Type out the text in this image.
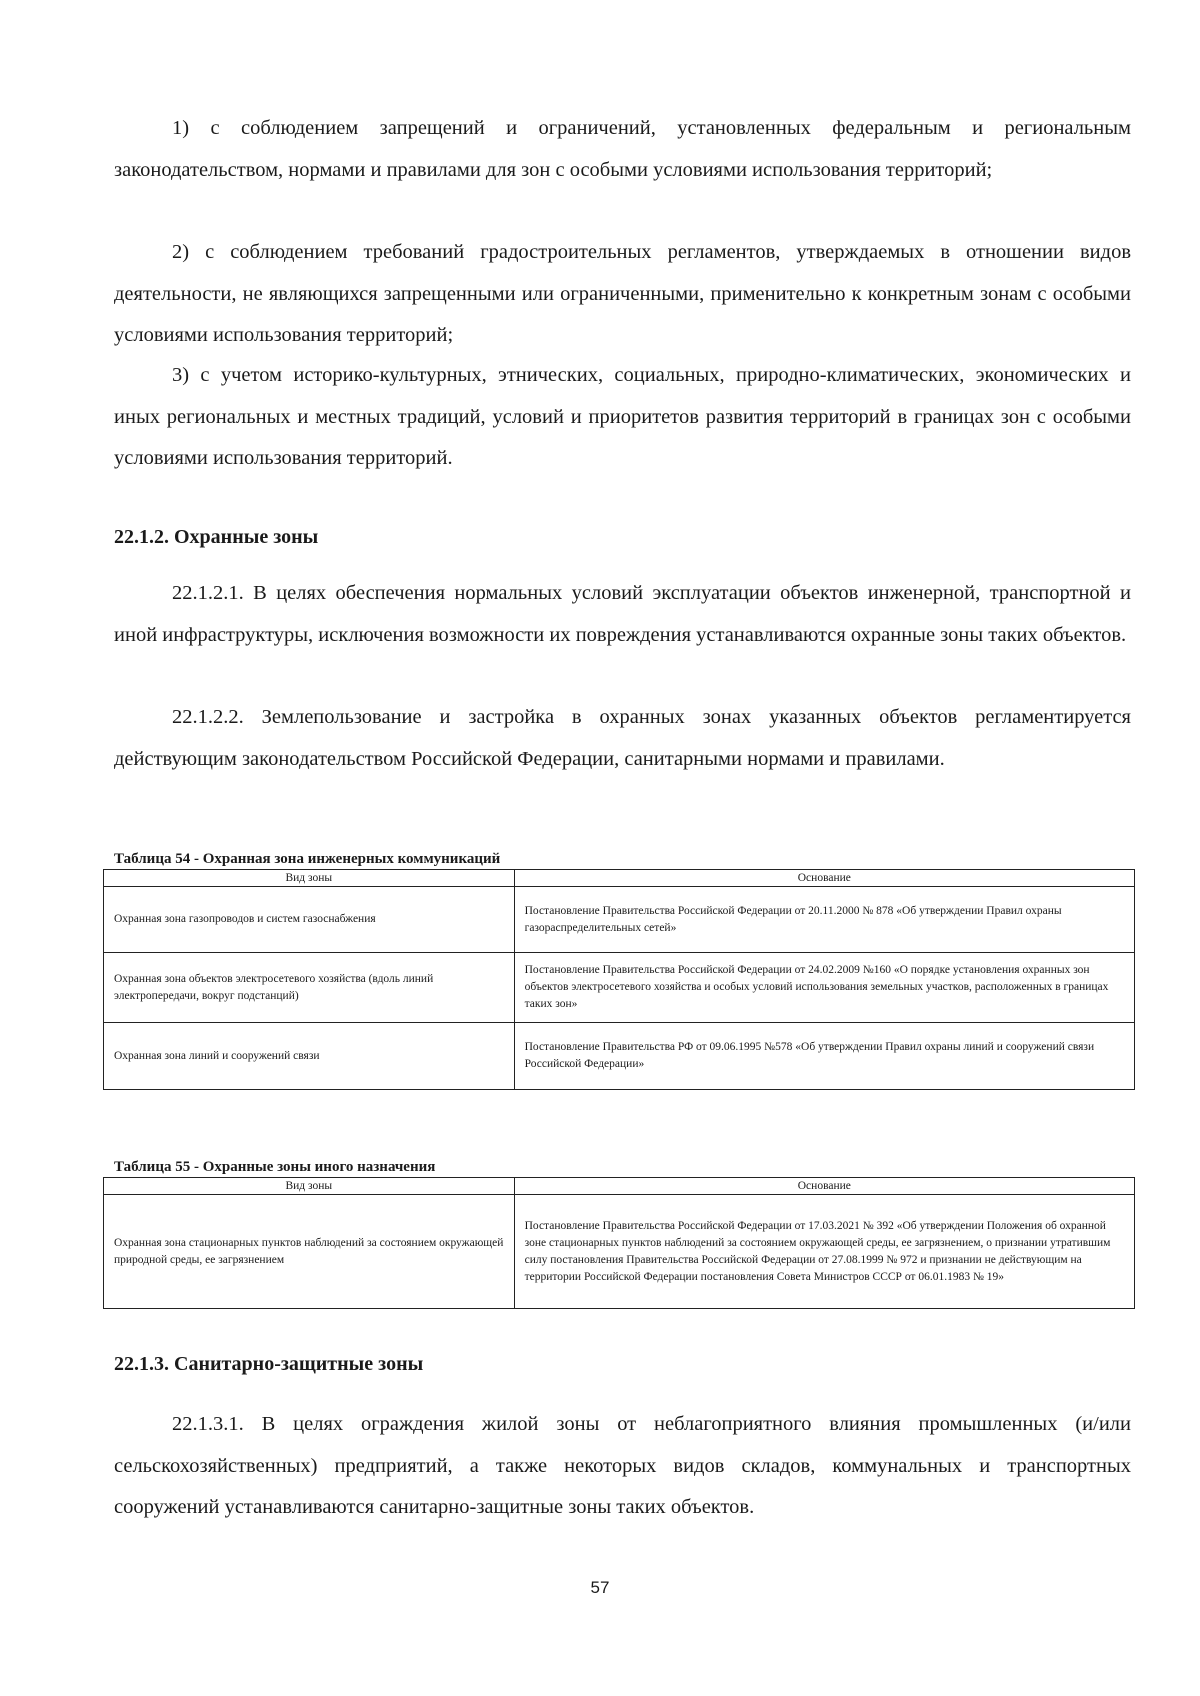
1) с соблюдением запрещений и ограничений, установленных федеральным и региональным законодательством, нормами и правилами для зон с особыми условиями использования территорий;

2) с соблюдением требований градостроительных регламентов, утверждаемых в отношении видов деятельности, не являющихся запрещенными или ограниченными, применительно к конкретным зонам с особыми условиями использования территорий;

3) с учетом историко-культурных, этнических, социальных, природно-климатических, экономических и иных региональных и местных традиций, условий и приоритетов развития территорий в границах зон с особыми условиями использования территорий.

22.1.2. Охранные зоны

22.1.2.1. В целях обеспечения нормальных условий эксплуатации объектов инженерной, транспортной и иной инфраструктуры, исключения возможности их повреждения устанавливаются охранные зоны таких объектов.

22.1.2.2. Землепользование и застройка в охранных зонах указанных объектов регламентируется действующим законодательством Российской Федерации, санитарными нормами и правилами.

Таблица 54 - Охранная зона инженерных коммуникаций
Вид зоны	Основание
Охранная зона газопроводов и систем газоснабжения	Постановление Правительства Российской Федерации от 20.11.2000 № 878 «Об утверждении Правил охраны газораспределительных сетей»
Охранная зона объектов электросетевого хозяйства (вдоль линий электропередачи, вокруг подстанций)	Постановление Правительства Российской Федерации от 24.02.2009 №160 «О порядке установления охранных зон объектов электросетевого хозяйства и особых условий использования земельных участков, расположенных в границах таких зон»
Охранная зона линий и сооружений связи	Постановление Правительства РФ от 09.06.1995 №578 «Об утверждении Правил охраны линий и сооружений связи Российской Федерации»
Таблица 55 - Охранные зоны иного назначения
Вид зоны	Основание
Охранная зона стационарных пунктов наблюдений за состоянием окружающей природной среды, ее загрязнением	Постановление Правительства Российской Федерации от 17.03.2021 № 392 «Об утверждении Положения об охранной зоне стационарных пунктов наблюдений за состоянием окружающей среды, ее загрязнением, о признании утратившим силу постановления Правительства Российской Федерации от 27.08.1999 № 972 и признании не действующим на территории Российской Федерации постановления Совета Министров СССР от 06.01.1983 № 19»
22.1.3. Санитарно-защитные зоны

22.1.3.1. В целях ограждения жилой зоны от неблагоприятного влияния промышленных (и/или сельскохозяйственных) предприятий, а также некоторых видов складов, коммунальных и транспортных сооружений устанавливаются санитарно-защитные зоны таких объектов.

57
